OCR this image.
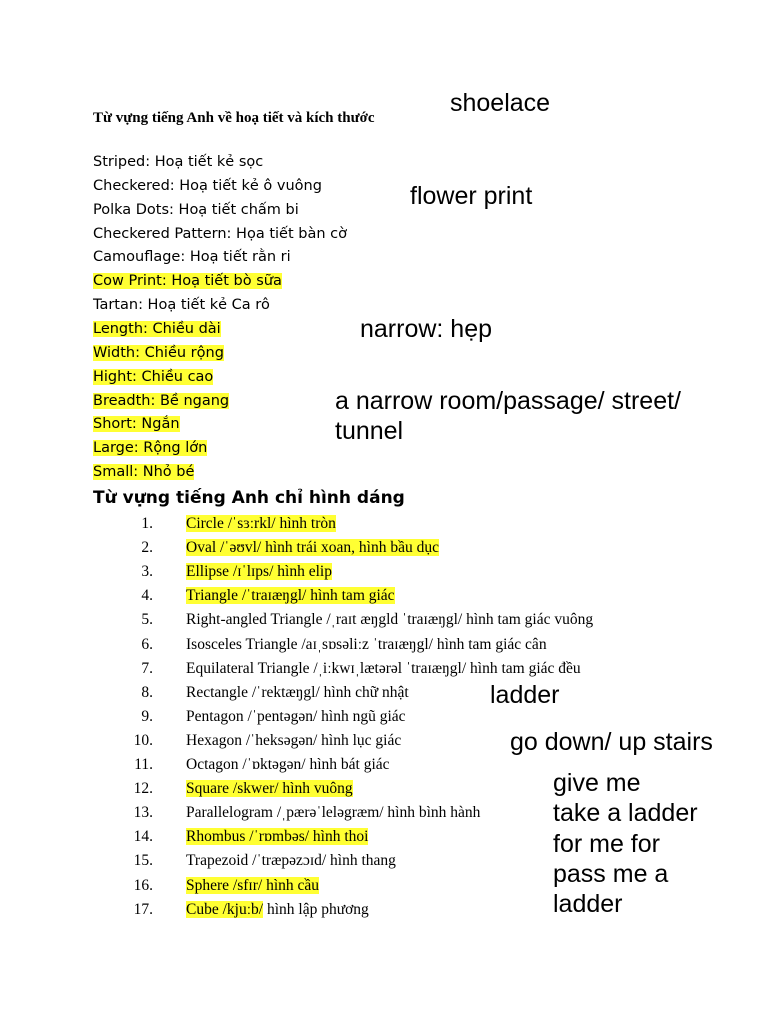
Từ vựng tiếng Anh về hoạ tiết và kích thước
Striped: Hoạ tiết kẻ sọc
Checkered: Hoạ tiết kẻ ô vuông
Polka Dots: Hoạ tiết chấm bi
Checkered Pattern: Họa tiết bàn cờ
Camouflage: Hoạ tiết rằn ri
Cow Print: Hoạ tiết bò sữa
Tartan: Hoạ tiết kẻ Ca rô
Length: Chiều dài
Width: Chiều rộng
Hight: Chiều cao
Breadth: Bề ngang
Short: Ngắn
Large: Rộng lớn
Small: Nhỏ bé
Từ vựng tiếng Anh chỉ hình dáng
1. Circle /ˈsɜːrkl/ hình tròn
2. Oval /ˈəʊvl/ hình trái xoan, hình bầu dục
3. Ellipse /ɪˈlɪps/ hình elip
4. Triangle /ˈtraɪæŋgl/ hình tam giác
5. Right-angled Triangle /ˌraɪt æŋgld ˈtraɪæŋgl/ hình tam giác vuông
6. Isosceles Triangle /aɪˌsɒsəliːz ˈtraɪæŋgl/ hình tam giác cân
7. Equilateral Triangle /ˌiːkwɪˌlætərəl ˈtraɪæŋgl/ hình tam giác đều
8. Rectangle /ˈrektæŋgl/ hình chữ nhật
9. Pentagon /ˈpentəgən/ hình ngũ giác
10. Hexagon /ˈheksəgən/ hình lục giác
11. Octagon /ˈɒktəgən/ hình bát giác
12. Square /skwer/ hình vuông
13. Parallelogram /ˌpærəˈleləgræm/ hình bình hành
14. Rhombus /ˈrɒmbəs/ hình thoi
15. Trapezoid /ˈtræpəzɔɪd/ hình thang
16. Sphere /sfɪr/ hình cầu
17. Cube /kjuːb/ hình lập phương
shoelace
flower print
narrow: hẹp
a narrow room/passage/ street/
tunnel
ladder
go down/ up stairs
give me
take a ladder
for me for
pass me a
ladder
